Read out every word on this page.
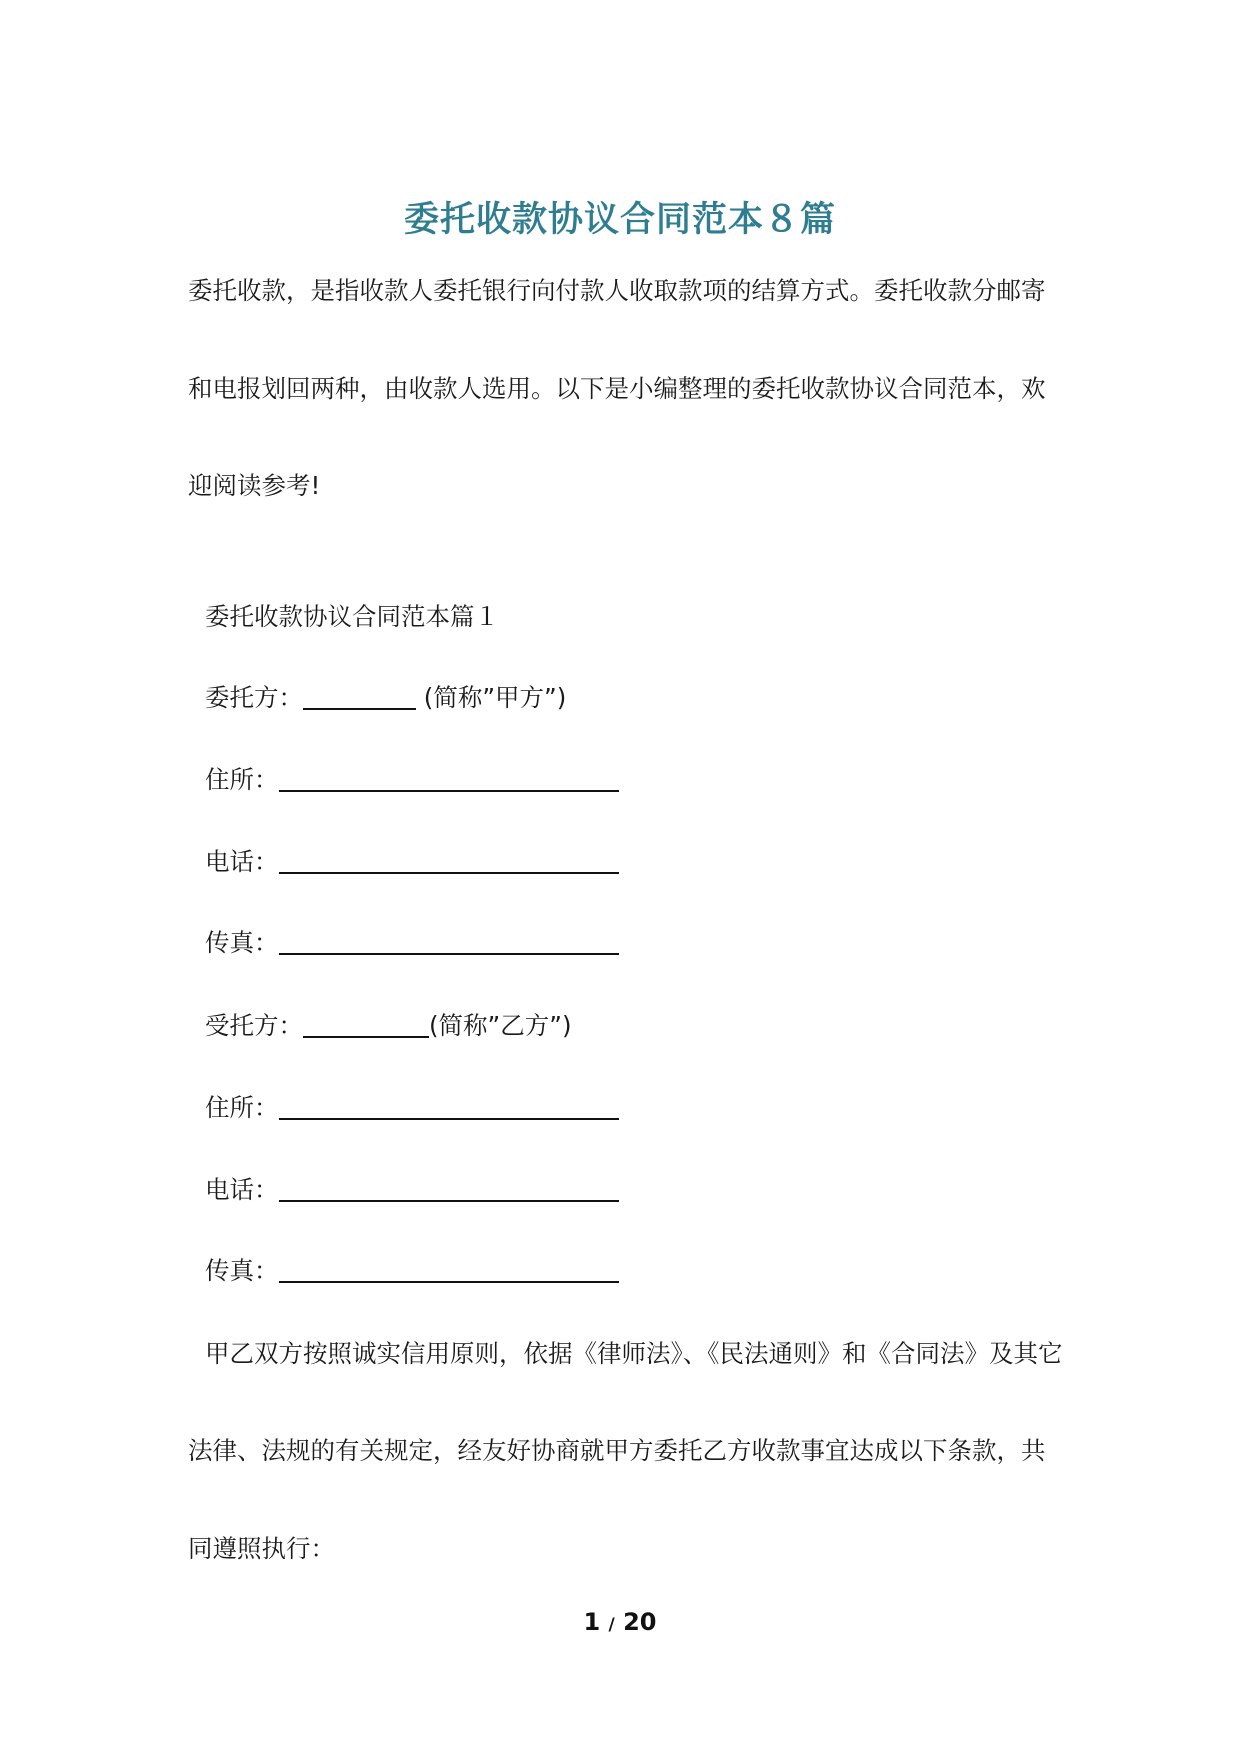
委托收款协议合同范本８篇
委托收款，是指收款人委托银行向付款人收取款项的结算方式。委托收款分邮寄
和电报划回两种，由收款人选用。以下是小编整理的委托收款协议合同范本，欢
迎阅读参考!
委托收款协议合同范本篇１
委托方：	(简称”甲方”)
住所：
电话：
传真：
受托方：	(简称”乙方”)
住所：
电话：
传真：
甲乙双方按照诚实信用原则，依据《律师法》、《民法通则》和《合同法》及其它
法律、法规的有关规定，经友好协商就甲方委托乙方收款事宜达成以下条款，共
同遵照执行：
1 / 20
